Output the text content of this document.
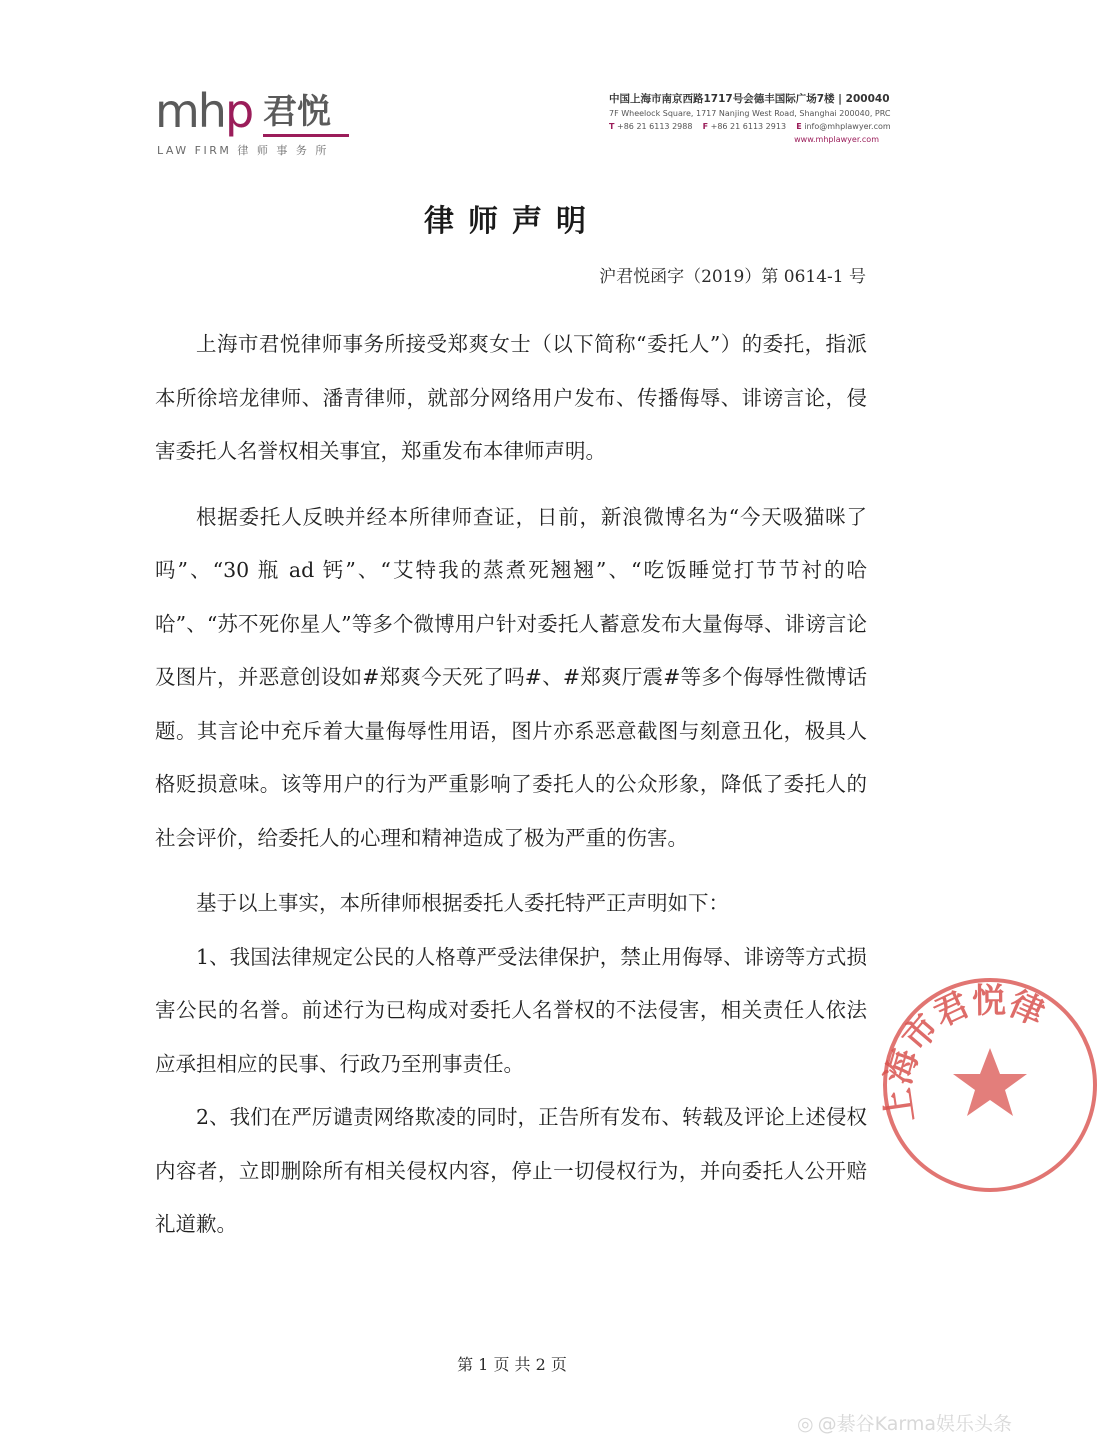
mhp 君悦
LAW FIRM 律 师 事 务 所
中国上海市南京西路1717号会德丰国际广场7楼 | 200040
7F Wheelock Square, 1717 Nanjing West Road, Shanghai 200040, PRC
T +86 21 6113 2988 F +86 21 6113 2913 E info@mhplawyer.com
www.mhplawyer.com
律师声明
沪君悦函字（2019）第 0614-1 号

上海市君悦律师事务所接受郑爽女士（以下简称“委托人”）的委托，指派本所徐培龙律师、潘青律师，就部分网络用户发布、传播侮辱、诽谤言论，侵害委托人名誉权相关事宜，郑重发布本律师声明。

根据委托人反映并经本所律师查证，日前，新浪微博名为“今天吸猫咪了吗”、“30 瓶 ad 钙”、“艾特我的蒸煮死翘翘”、“吃饭睡觉打节节衬的哈哈”、“苏不死你星人”等多个微博用户针对委托人蓄意发布大量侮辱、诽谤言论及图片，并恶意创设如#郑爽今天死了吗#、#郑爽厅震#等多个侮辱性微博话题。其言论中充斥着大量侮辱性用语，图片亦系恶意截图与刻意丑化，极具人格贬损意味。该等用户的行为严重影响了委托人的公众形象，降低了委托人的社会评价，给委托人的心理和精神造成了极为严重的伤害。

基于以上事实，本所律师根据委托人委托特严正声明如下：

1、我国法律规定公民的人格尊严受法律保护，禁止用侮辱、诽谤等方式损害公民的名誉。前述行为已构成对委托人名誉权的不法侵害，相关责任人依法应承担相应的民事、行政乃至刑事责任。

2、我们在严厉谴责网络欺凌的同时，正告所有发布、转载及评论上述侵权内容者，立即删除所有相关侵权内容，停止一切侵权行为，并向委托人公开赔礼道歉。

上海市君悦律
第 1 页 共 2 页
◎ @綦谷Karma娱乐头条
